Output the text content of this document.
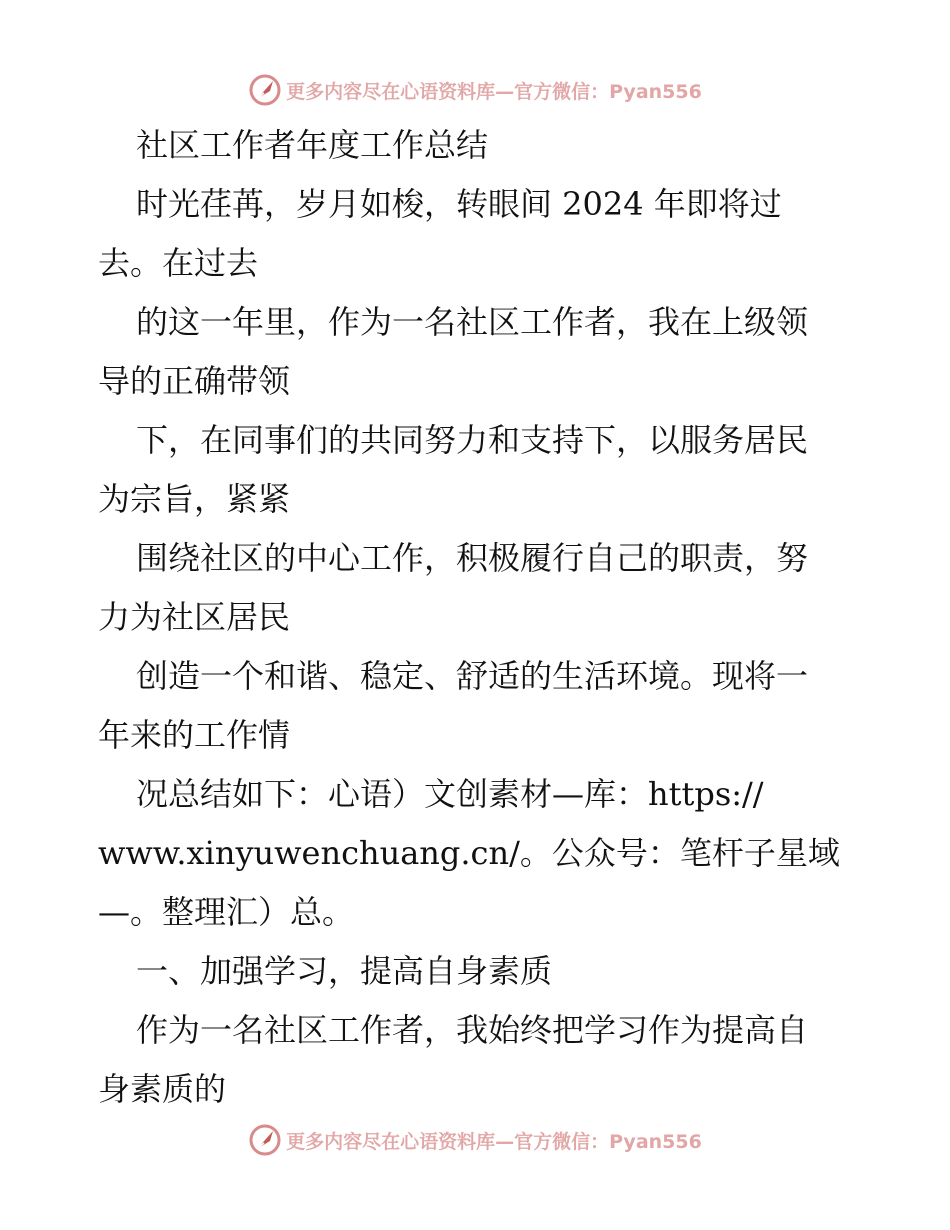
更多内容尽在心语资料库—官方微信：Pyan556
社区工作者年度工作总结
时光荏苒，岁月如梭，转眼间 2024 年即将过
去。在过去
的这一年里，作为一名社区工作者，我在上级领
导的正确带领
下，在同事们的共同努力和支持下，以服务居民
为宗旨，紧紧
围绕社区的中心工作，积极履行自己的职责，努
力为社区居民
创造一个和谐、稳定、舒适的生活环境。现将一
年来的工作情
况总结如下：心语）文创素材—库：https://
www.xinyuwenchuang.cn/。公众号：笔杆子星域
—。整理汇）总。
一、加强学习，提高自身素质
作为一名社区工作者，我始终把学习作为提高自
身素质的
更多内容尽在心语资料库—官方微信：Pyan556
